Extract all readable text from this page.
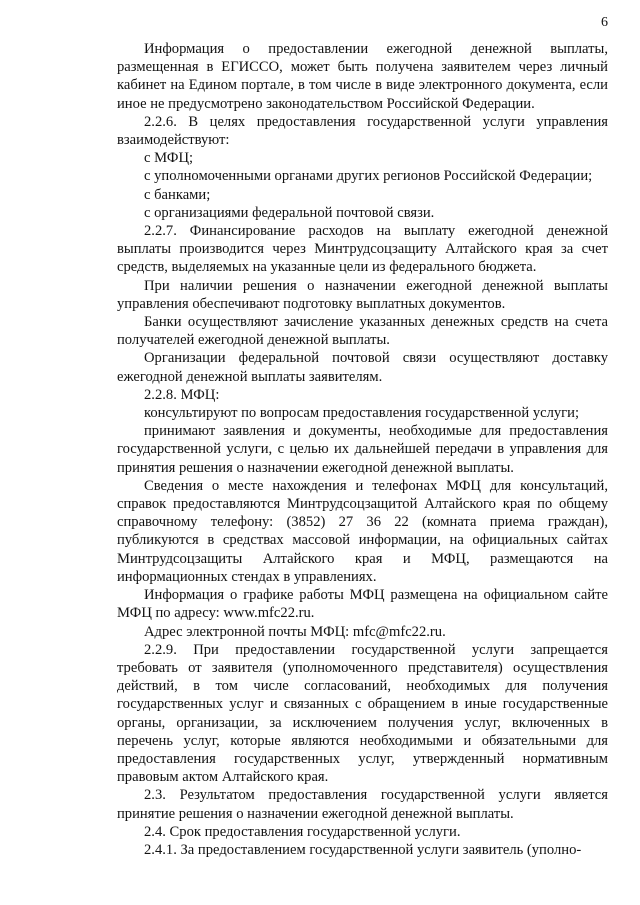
6

Информация о предоставлении ежегодной денежной выплаты, размещенная в ЕГИССО, может быть получена заявителем через личный кабинет на Едином портале, в том числе в виде электронного документа, если иное не предусмотрено законодательством Российской Федерации.

2.2.6. В целях предоставления государственной услуги управления взаимодействуют:

с МФЦ;

с уполномоченными органами других регионов Российской Федерации;

с банками;

с организациями федеральной почтовой связи.

2.2.7. Финансирование расходов на выплату ежегодной денежной выплаты производится через Минтрудсоцзащиту Алтайского края за счет средств, выделяемых на указанные цели из федерального бюджета.

При наличии решения о назначении ежегодной денежной выплаты управления обеспечивают подготовку выплатных документов.

Банки осуществляют зачисление указанных денежных средств на счета получателей ежегодной денежной выплаты.

Организации федеральной почтовой связи осуществляют доставку ежегодной денежной выплаты заявителям.

2.2.8. МФЦ:

консультируют по вопросам предоставления государственной услуги;

принимают заявления и документы, необходимые для предоставления государственной услуги, с целью их дальнейшей передачи в управления для принятия решения о назначении ежегодной денежной выплаты.

Сведения о месте нахождения и телефонах МФЦ для консультаций, справок предоставляются Минтрудсоцзащитой Алтайского края по общему справочному телефону: (3852) 27 36 22 (комната приема граждан), публикуются в средствах массовой информации, на официальных сайтах Минтрудсоцзащиты Алтайского края и МФЦ, размещаются на информационных стендах в управлениях.

Информация о графике работы МФЦ размещена на официальном сайте МФЦ по адресу: www.mfc22.ru.

Адрес электронной почты МФЦ: mfc@mfc22.ru.

2.2.9. При предоставлении государственной услуги запрещается требовать от заявителя (уполномоченного представителя) осуществления действий, в том числе согласований, необходимых для получения государственных услуг и связанных с обращением в иные государственные органы, организации, за исключением получения услуг, включенных в перечень услуг, которые являются необходимыми и обязательными для предоставления государственных услуг, утвержденный нормативным правовым актом Алтайского края.

2.3. Результатом предоставления государственной услуги является принятие решения о назначении ежегодной денежной выплаты.

2.4. Срок предоставления государственной услуги.

2.4.1. За предоставлением государственной услуги заявитель (уполно-
